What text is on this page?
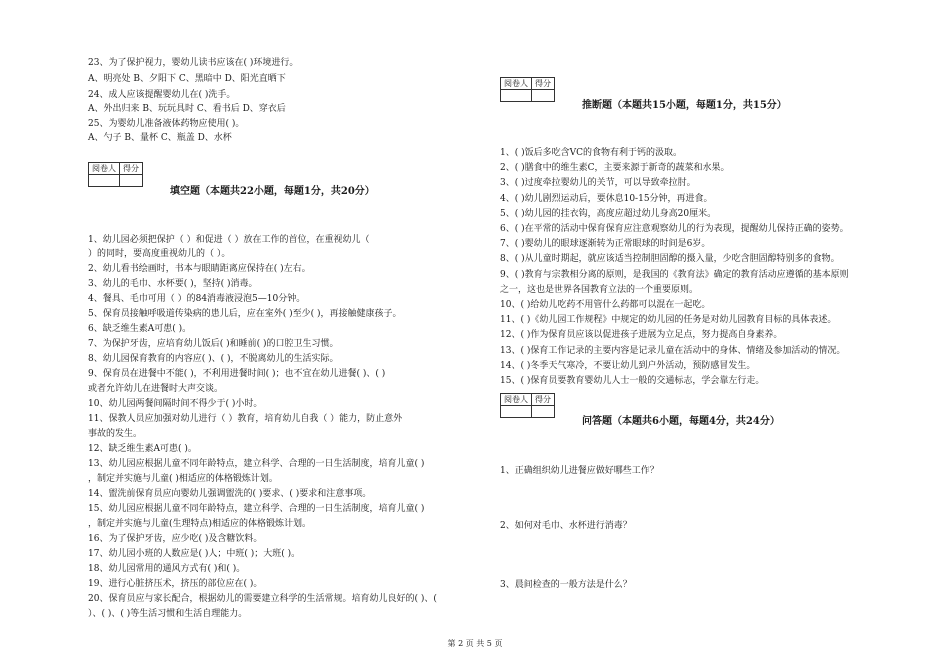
23、为了保护视力，婴幼儿读书应该在( )环境进行。
A、明亮处 B、夕阳下 C、黑暗中 D、阳光直晒下
24、成人应该提醒婴幼儿在( )洗手。
A、外出归来 B、玩玩具时 C、看书后 D、穿衣后
25、为婴幼儿准备液体药物应使用( )。
A、勺子 B、量杯 C、瓶盖 D、水杯
阅卷人	得分

填空题（本题共22小题，每题1分，共20分）
1、幼儿园必须把保护（ ）和促进（ ）放在工作的首位，在重视幼儿（
）的同时，要高度重视幼儿的（ ）。
2、幼儿看书绘画时，书本与眼睛距离应保持在( )左右。
3、幼儿的毛巾、水杯要( )，坚持( )消毒。
4、餐具、毛巾可用（ ）的84消毒液浸泡5—10分钟。
5、保育员接触呼吸道传染病的患儿后，应在室外( )至少( )，再接触健康孩子。
6、缺乏维生素A可患( )。
7、为保护牙齿，应培育幼儿饭后( )和睡前( )的口腔卫生习惯。
8、幼儿园保育教育的内容应( )、( )，不脱离幼儿的生活实际。
9、保育员在进餐中不能( )，不利用进餐时间( )；也不宜在幼儿进餐( )、( )
或者允许幼儿在进餐时大声交谈。
10、幼儿园两餐间隔时间不得少于( )小时。
11、保教人员应加强对幼儿进行（ ）教育，培育幼儿自我（ ）能力，防止意外
事故的发生。
12、缺乏维生素A可患( )。
13、幼儿园应根据儿童不同年龄特点，建立科学、合理的一日生活制度，培育儿童( )
，制定并实施与儿童( )相适应的体格锻炼计划。
14、盥洗前保育员应向婴幼儿强调盥洗的( )要求、( )要求和注意事项。
15、幼儿园应根据儿童不同年龄特点，建立科学、合理的一日生活制度，培育儿童( )
，制定并实施与儿童(生理特点)相适应的体格锻炼计划。
16、为了保护牙齿，应少吃( )及含糖饮料。
17、幼儿园小班的人数应是( )人；中班( )；大班( )。
18、幼儿园常用的通风方式有( )和( )。
19、进行心脏挤压术，挤压的部位应在( )。
20、保育员应与家长配合，根据幼儿的需要建立科学的生活常规。培育幼儿良好的( )、(
）、( )、( )等生活习惯和生活自理能力。
阅卷人	得分

推断题（本题共15小题，每题1分，共15分）
1、( )饭后多吃含VC的食物有利于钙的汲取。
2、( )膳食中的维生素C，主要来源于新奇的蔬菜和水果。
3、( )过度牵拉婴幼儿的关节，可以导致牵拉肘。
4、( )幼儿剧烈运动后，要休息10-15分钟，再进食。
5、( )幼儿园的挂衣钩，高度应超过幼儿身高20厘米。
6、( )在平常的活动中保育保育应注意观察幼儿的行为表现，提醒幼儿保持正确的姿势。
7、( )婴幼儿的眼球逐渐转为正常眼球的时间是6岁。
8、( )从儿童时期起，就应该适当控制胆固醇的摄入量，少吃含胆固醇特别多的食物。
9、( )教育与宗教相分离的原则，是我国的《教育法》确定的教育活动应遵循的基本原则
之一，这也是世界各国教育立法的一个重要原则。
10、( )给幼儿吃药不用管什么药都可以混在一起吃。
11、( )《幼儿园工作规程》中规定的幼儿园的任务是对幼儿园教育目标的具体表述。
12、( )作为保育员应该以促进孩子进展为立足点，努力提高自身素养。
13、( )保育工作记录的主要内容是记录儿童在活动中的身体、情绪及参加活动的情况。
14、( )冬季天气寒冷，不要让幼儿到户外活动，预防感冒发生。
15、( )保育员要教育婴幼儿人士一般的交通标志，学会靠左行走。
阅卷人	得分

问答题（本题共6小题，每题4分，共24分）
1、正确组织幼儿进餐应做好哪些工作？
2、如何对毛巾、水杯进行消毒？
3、晨间检查的一般方法是什么？
第 2 页 共 5 页
